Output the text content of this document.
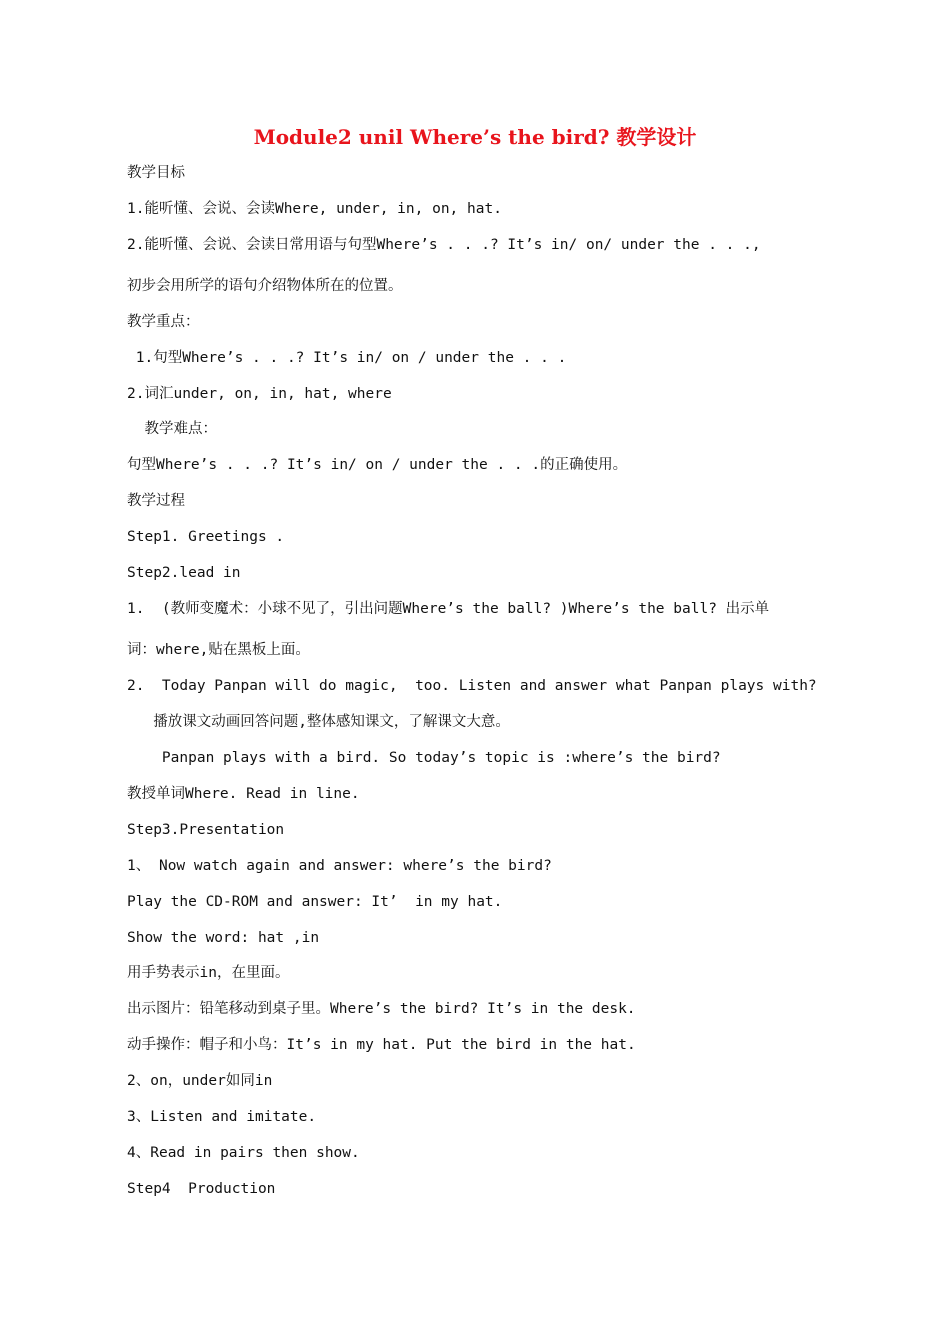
Module2 unil Where’s the bird? 教学设计
教学目标
1.能听懂、会说、会读Where, under, in, on, hat.
2.能听懂、会说、会读日常用语与句型Where’s . . .? It’s in/ on/ under the . . .,
初步会用所学的语句介绍物体所在的位置。
教学重点：
1.句型Where’s . . .? It’s in/ on / under the . . .
2.词汇under, on, in, hat, where
教学难点：
句型Where’s . . .? It’s in/ on / under the . . .的正确使用。
教学过程
Step1. Greetings .
Step2.lead in
1.  (教师变魔术：小球不见了，引出问题Where’s the ball? )Where’s the ball? 出示单
词：where,贴在黑板上面。
2.  Today Panpan will do magic,  too. Listen and answer what Panpan plays with?
播放课文动画回答问题,整体感知课文，了解课文大意。
Panpan plays with a bird. So today’s topic is :where’s the bird?
教授单词Where. Read in line.
Step3.Presentation
1、 Now watch again and answer: where’s the bird?
Play the CD-ROM and answer: It’  in my hat.
Show the word: hat ,in
用手势表示in，在里面。
出示图片：铅笔移动到桌子里。Where’s the bird? It’s in the desk.
动手操作：帽子和小鸟：It’s in my hat. Put the bird in the hat.
2、on，under如同in
3、Listen and imitate.
4、Read in pairs then show.
Step4  Production
